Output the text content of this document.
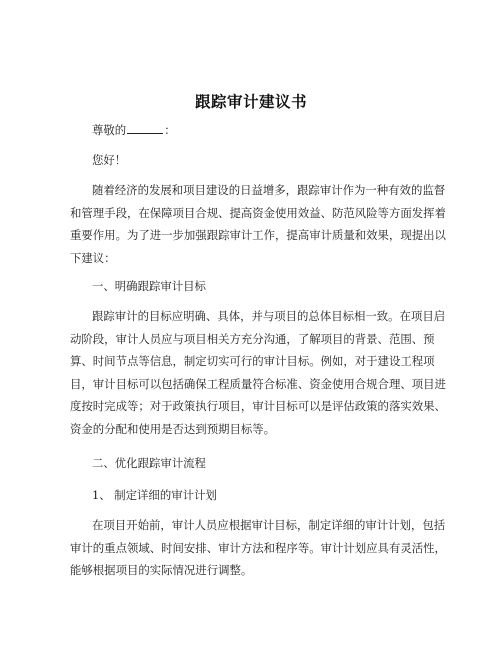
跟踪审计建议书

尊敬的	：

您好！

随着经济的发展和项目建设的日益增多，跟踪审计作为一种有效的监督和管理手段，在保障项目合规、提高资金使用效益、防范风险等方面发挥着重要作用。为了进一步加强跟踪审计工作，提高审计质量和效果，现提出以下建议：

一、明确跟踪审计目标

跟踪审计的目标应明确、具体，并与项目的总体目标相一致。在项目启动阶段，审计人员应与项目相关方充分沟通，了解项目的背景、范围、预算、时间节点等信息，制定切实可行的审计目标。例如，对于建设工程项目，审计目标可以包括确保工程质量符合标准、资金使用合规合理、项目进度按时完成等；对于政策执行项目，审计目标可以是评估政策的落实效果、资金的分配和使用是否达到预期目标等。

二、优化跟踪审计流程

1、 制定详细的审计计划

在项目开始前，审计人员应根据审计目标，制定详细的审计计划，包括审计的重点领域、时间安排、审计方法和程序等。审计计划应具有灵活性，能够根据项目的实际情况进行调整。
